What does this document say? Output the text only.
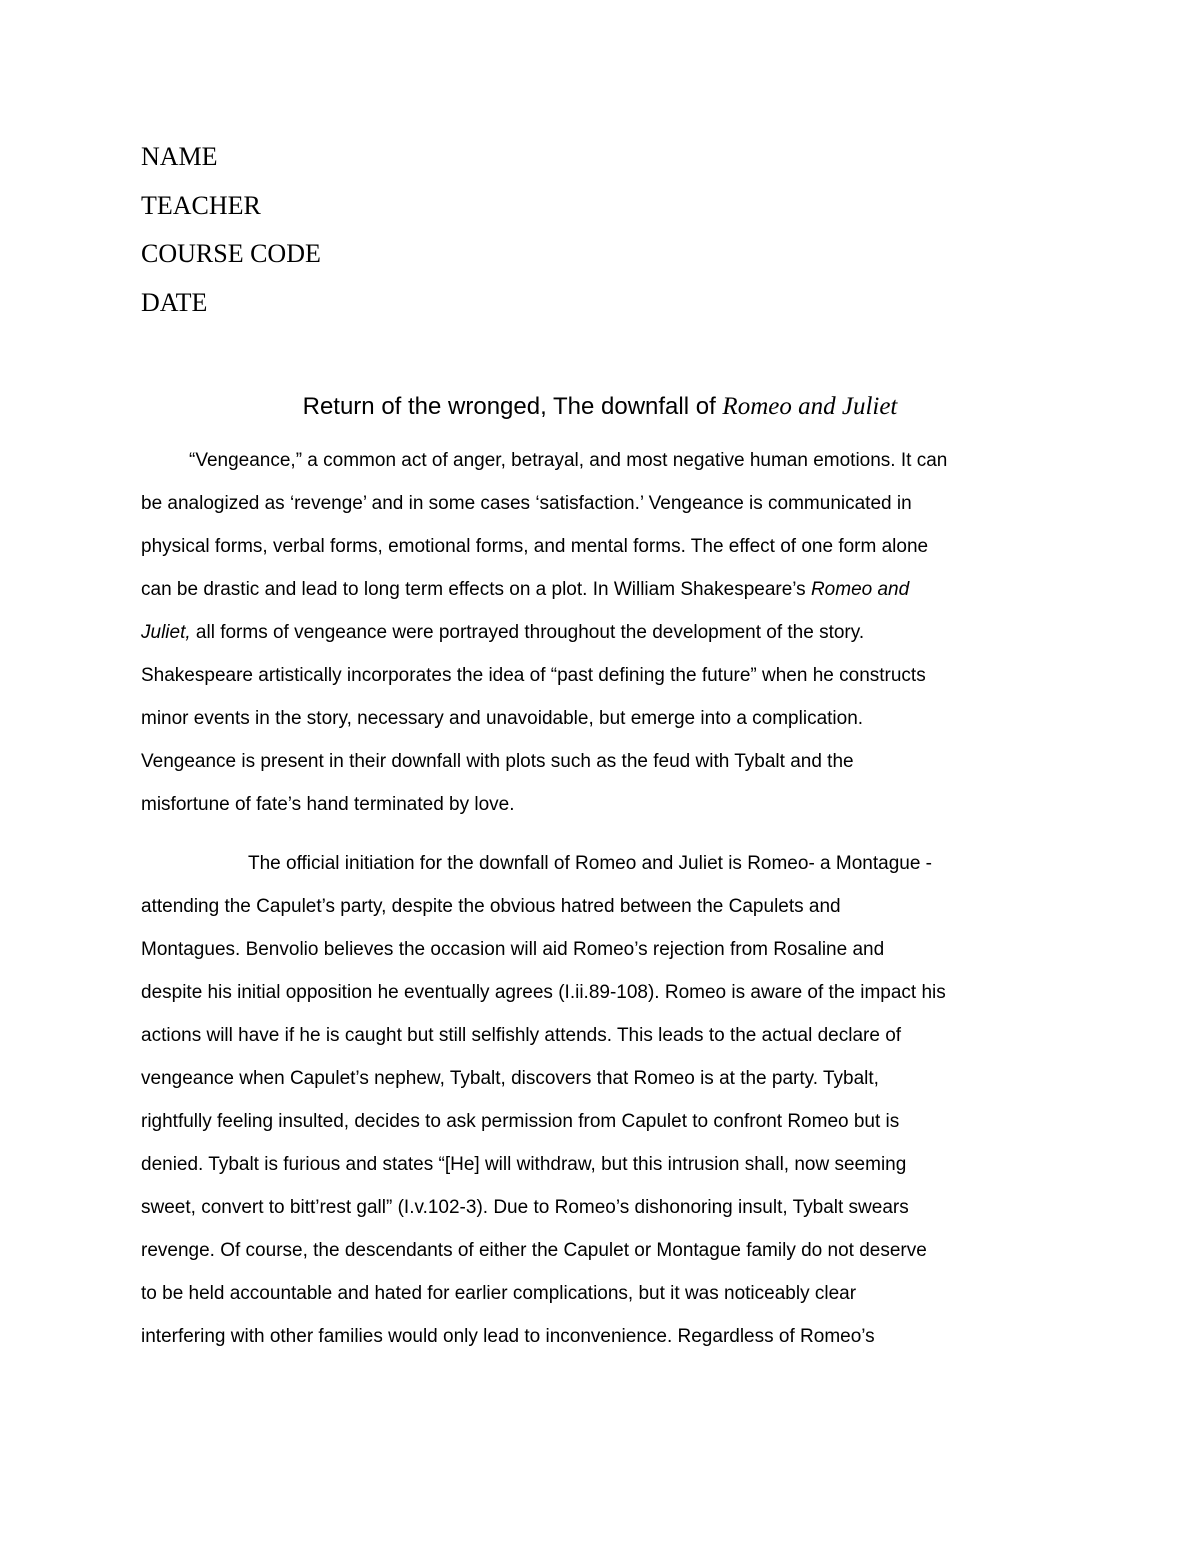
NAME
TEACHER
COURSE CODE
DATE
Return of the wronged, The downfall of Romeo and Juliet
“Vengeance,” a common act of anger, betrayal, and most negative human emotions. It can
be analogized as ‘revenge’ and in some cases ‘satisfaction.’ Vengeance is communicated in
physical forms, verbal forms, emotional forms, and mental forms. The effect of one form alone
can be drastic and lead to long term effects on a plot. In William Shakespeare’s Romeo and
Juliet, all forms of vengeance were portrayed throughout the development of the story.
Shakespeare artistically incorporates the idea of “past defining the future” when he constructs
minor events in the story, necessary and unavoidable, but emerge into a complication.
Vengeance is present in their downfall with plots such as the feud with Tybalt and the
misfortune of fate’s hand terminated by love.
The official initiation for the downfall of Romeo and Juliet is Romeo- a Montague -
attending the Capulet’s party, despite the obvious hatred between the Capulets and
Montagues. Benvolio believes the occasion will aid Romeo’s rejection from Rosaline and
despite his initial opposition he eventually agrees (I.ii.89-108). Romeo is aware of the impact his
actions will have if he is caught but still selfishly attends. This leads to the actual declare of
vengeance when Capulet’s nephew, Tybalt, discovers that Romeo is at the party. Tybalt,
rightfully feeling insulted, decides to ask permission from Capulet to confront Romeo but is
denied. Tybalt is furious and states “[He] will withdraw, but this intrusion shall, now seeming
sweet, convert to bitt’rest gall” (I.v.102-3). Due to Romeo’s dishonoring insult, Tybalt swears
revenge. Of course, the descendants of either the Capulet or Montague family do not deserve
to be held accountable and hated for earlier complications, but it was noticeably clear
interfering with other families would only lead to inconvenience. Regardless of Romeo’s
